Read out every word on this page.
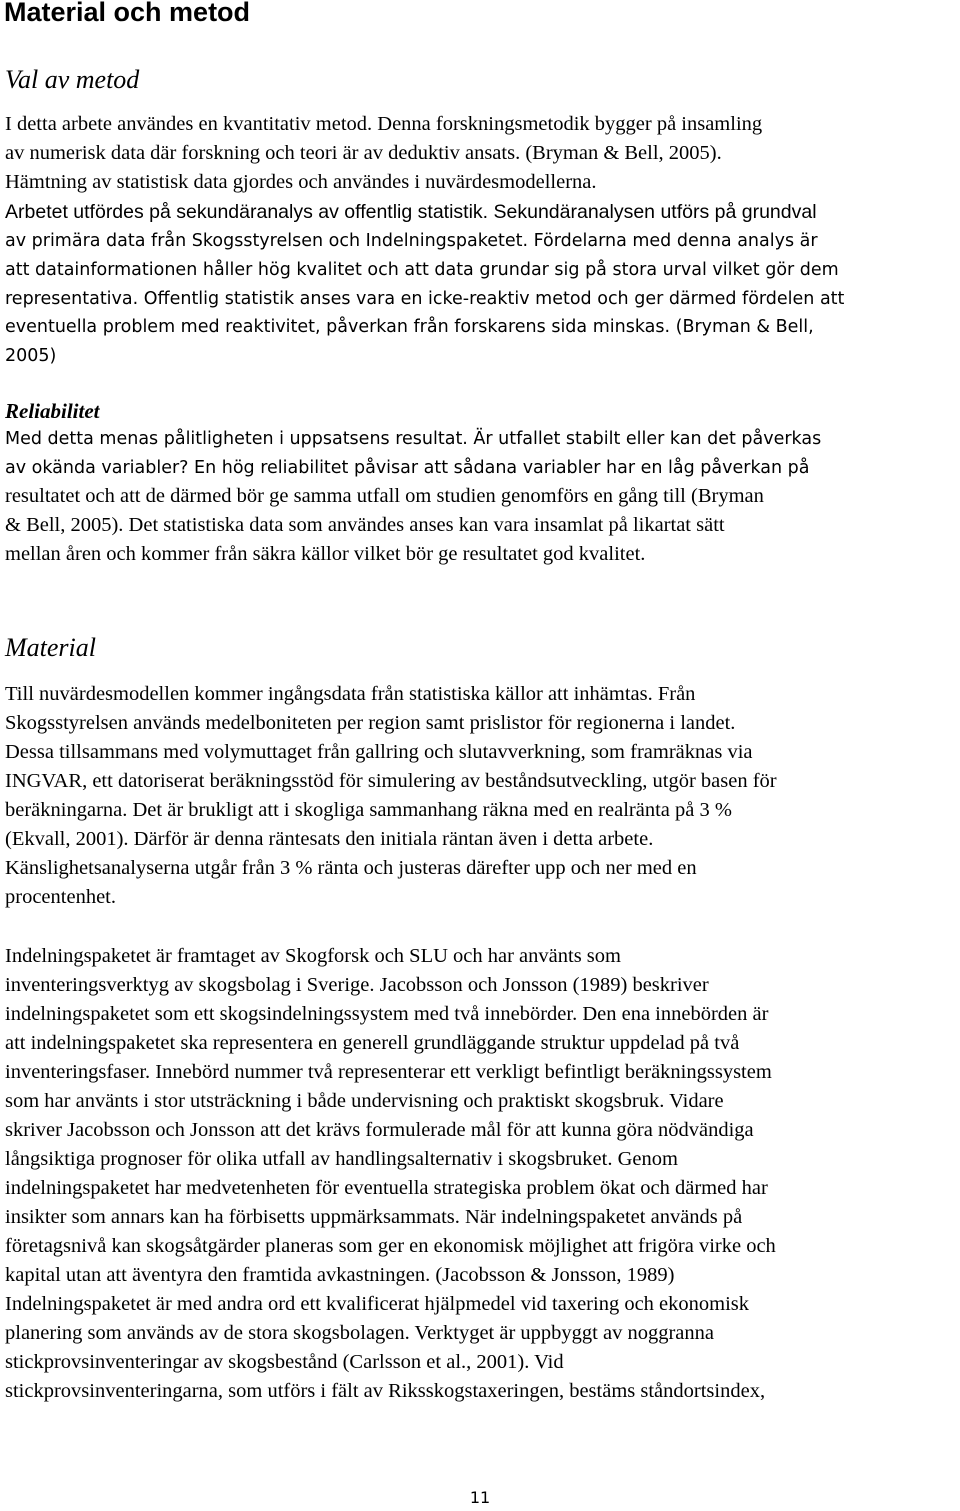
Material och metod
Val av metod

I detta arbete användes en kvantitativ metod. Denna forskningsmetodik bygger på insamling

av numerisk data där forskning och teori är av deduktiv ansats. (Bryman & Bell, 2005).

Hämtning av statistisk data gjordes och användes i nuvärdesmodellerna.

Arbetet utfördes på sekundäranalys av offentlig statistik. Sekundäranalysen utförs på grundval

av primära data från Skogsstyrelsen och Indelningspaketet. Fördelarna med denna analys är

att datainformationen håller hög kvalitet och att data grundar sig på stora urval vilket gör dem

representativa. Offentlig statistik anses vara en icke-reaktiv metod och ger därmed fördelen att

eventuella problem med reaktivitet, påverkan från forskarens sida minskas. (Bryman & Bell,

2005)

Reliabilitet

Med detta menas pålitligheten i uppsatsens resultat. Är utfallet stabilt eller kan det påverkas

av okända variabler? En hög reliabilitet påvisar att sådana variabler har en låg påverkan på

resultatet och att de därmed bör ge samma utfall om studien genomförs en gång till (Bryman

& Bell, 2005). Det statistiska data som användes anses kan vara insamlat på likartat sätt

mellan åren och kommer från säkra källor vilket bör ge resultatet god kvalitet.

Material

Till nuvärdesmodellen kommer ingångsdata från statistiska källor att inhämtas. Från

Skogsstyrelsen används medelboniteten per region samt prislistor för regionerna i landet.

Dessa tillsammans med volymuttaget från gallring och slutavverkning, som framräknas via

INGVAR, ett datoriserat beräkningsstöd för simulering av beståndsutveckling, utgör basen för

beräkningarna. Det är brukligt att i skogliga sammanhang räkna med en realränta på 3 %

(Ekvall, 2001). Därför är denna räntesats den initiala räntan även i detta arbete.

Känslighetsanalyserna utgår från 3 % ränta och justeras därefter upp och ner med en

procentenhet.

Indelningspaketet är framtaget av Skogforsk och SLU och har använts som

inventeringsverktyg av skogsbolag i Sverige. Jacobsson och Jonsson (1989) beskriver

indelningspaketet som ett skogsindelningssystem med två innebörder. Den ena innebörden är

att indelningspaketet ska representera en generell grundläggande struktur uppdelad på två

inventeringsfaser. Innebörd nummer två representerar ett verkligt befintligt beräkningssystem

som har använts i stor utsträckning i både undervisning och praktiskt skogsbruk. Vidare

skriver Jacobsson och Jonsson att det krävs formulerade mål för att kunna göra nödvändiga

långsiktiga prognoser för olika utfall av handlingsalternativ i skogsbruket. Genom

indelningspaketet har medvetenheten för eventuella strategiska problem ökat och därmed har

insikter som annars kan ha förbisetts uppmärksammats. När indelningspaketet används på

företagsnivå kan skogsåtgärder planeras som ger en ekonomisk möjlighet att frigöra virke och

kapital utan att äventyra den framtida avkastningen. (Jacobsson & Jonsson, 1989)

Indelningspaketet är med andra ord ett kvalificerat hjälpmedel vid taxering och ekonomisk

planering som används av de stora skogsbolagen. Verktyget är uppbyggt av noggranna

stickprovsinventeringar av skogsbestånd (Carlsson et al., 2001). Vid

stickprovsinventeringarna, som utförs i fält av Riksskogstaxeringen, bestäms ståndortsindex,

11
